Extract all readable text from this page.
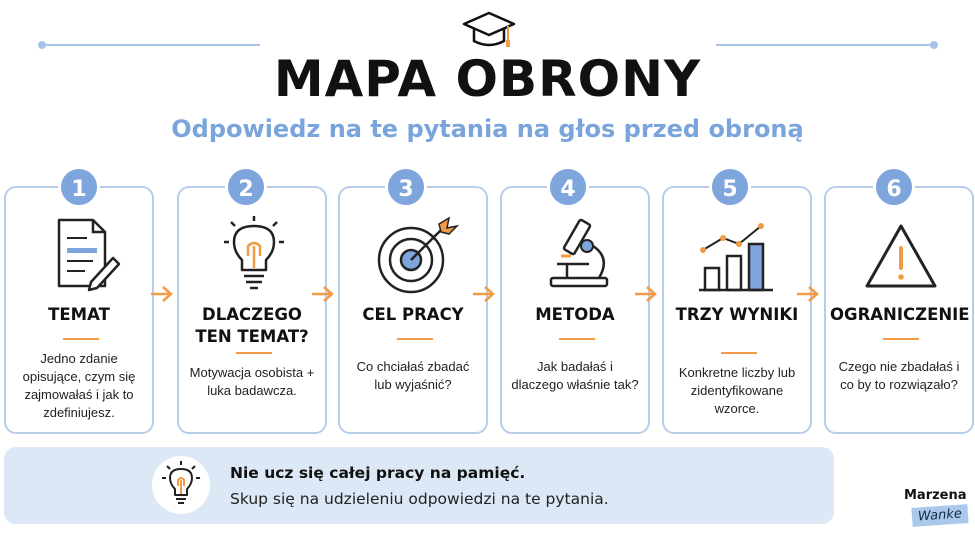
MAPA OBRONY
Odpowiedz na te pytania na głos przed obroną
TEMAT
Jedno zdanie opisujące, czym się zajmowałaś i jak to zdefiniujesz.
1
DLACZEGO TEN TEMAT?
Motywacja osobista + luka badawcza.
2
CEL PRACY
Co chciałaś zbadać lub wyjaśnić?
3
METODA
Jak badałaś i dlaczego właśnie tak?
4
TRZY WYNIKI
Konkretne liczby lub zidentyfikowane wzorce.
5
OGRANICZENIE
Czego nie zbadałaś i co by to rozwiązało?
6
Nie ucz się całej pracy na pamięć.
Skup się na udzieleniu odpowiedzi na te pytania.	Marzena
Wanke
